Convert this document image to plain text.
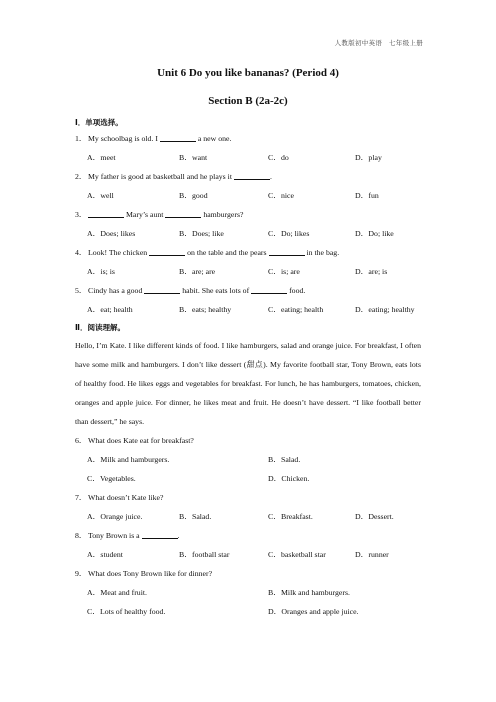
人教版初中英语　七年级上册
Unit 6 Do you like bananas? (Period 4)
Section B (2a-2c)
Ⅰ．单项选择。
1．My schoolbag is old. I	a new one.
A．meet	B．want	C．do	D．play
2．My father is good at basketball and he plays it	.
A．well	B．good	C．nice	D．fun
3．	Mary’s aunt	hamburgers?
A．Does; likes	B．Does; like	C．Do; likes	D．Do; like
4．Look! The chicken	on the table and the pears	in the bag.
A．is; is	B．are; are	C．is; are	D．are; is
5．Cindy has a good	habit. She eats lots of	food.
A．eat; health	B．eats; healthy	C．eating; health	D．eating; healthy
Ⅱ．阅读理解。
Hello, I’m Kate. I like different kinds of food. I like hamburgers, salad and orange juice. For breakfast, I often have some milk and hamburgers. I don’t like dessert (甜点). My favorite football star, Tony Brown, eats lots of healthy food. He likes eggs and vegetables for breakfast. For lunch, he has hamburgers, tomatoes, chicken, oranges and apple juice. For dinner, he likes meat and fruit. He doesn’t have dessert. “I like football better than dessert,” he says.
6．What does Kate eat for breakfast?
A．Milk and hamburgers.	B．Salad.
C．Vegetables.	D．Chicken.
7．What doesn’t Kate like?
A．Orange juice.	B．Salad.	C．Breakfast.	D．Dessert.
8．Tony Brown is a	.
A．student	B．football star	C．basketball star	D．runner
9．What does Tony Brown like for dinner?
A．Meat and fruit.	B．Milk and hamburgers.
C．Lots of healthy food.	D．Oranges and apple juice.
